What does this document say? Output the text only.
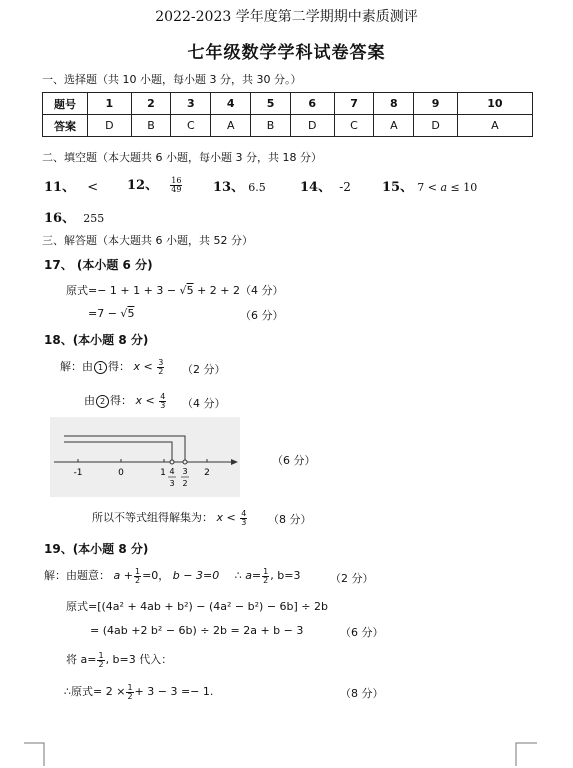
2022-2023 学年度第二学期期中素质测评
七年级数学学科试卷答案
一、选择题（共 10 小题，每小题 3 分，共 30 分。）
题号	1	2	3	4	5	6	7	8	9	10
答案	D	B	C	A	B	D	C	A	D	A
二、填空题（本大题共 6 小题，每小题 3 分，共 18 分）
11、 < 12、 $\frac{16}{49} 13$、 6.5	14、 -2 15、 7 < a ≤ 10
16、 255
三、解答题（本大题共 6 小题，共 52 分）
17、 (本小题 6 分)
原式=− 1 + 1 + 3 − √5 + 2 + 2 （4 分）
=7 − √5	（6 分）
18、(本小题 8 分)
解：由 1 得： $x < \frac{3}{2} (2$ 分）
由 2 得： $x < \frac{4}{3} (4$ 分）
-1	0	1	2
4
3
3
2
（6 分）
所以不等式组得解集为： $x < \frac{4}{3} (8$ 分）
19、(本小题 8 分)
解：由题意： $a + \frac{1}{2} =0$， b − 3=0 ∴ $a= \frac{1}{2}$ , b=3	（2 分）
原式=[(4a² + 4ab + b²) − (4a² − b²) − 6b] ÷ 2b
= (4ab +2 b² − 6b) ÷ 2b = 2a + b − 3	（6 分）
将 $a= \frac{1}{2}$ , b=3 代入：
∴原式= $2 \times \frac{1}{2} + 3 - 3 =- 1$.	（8 分）
